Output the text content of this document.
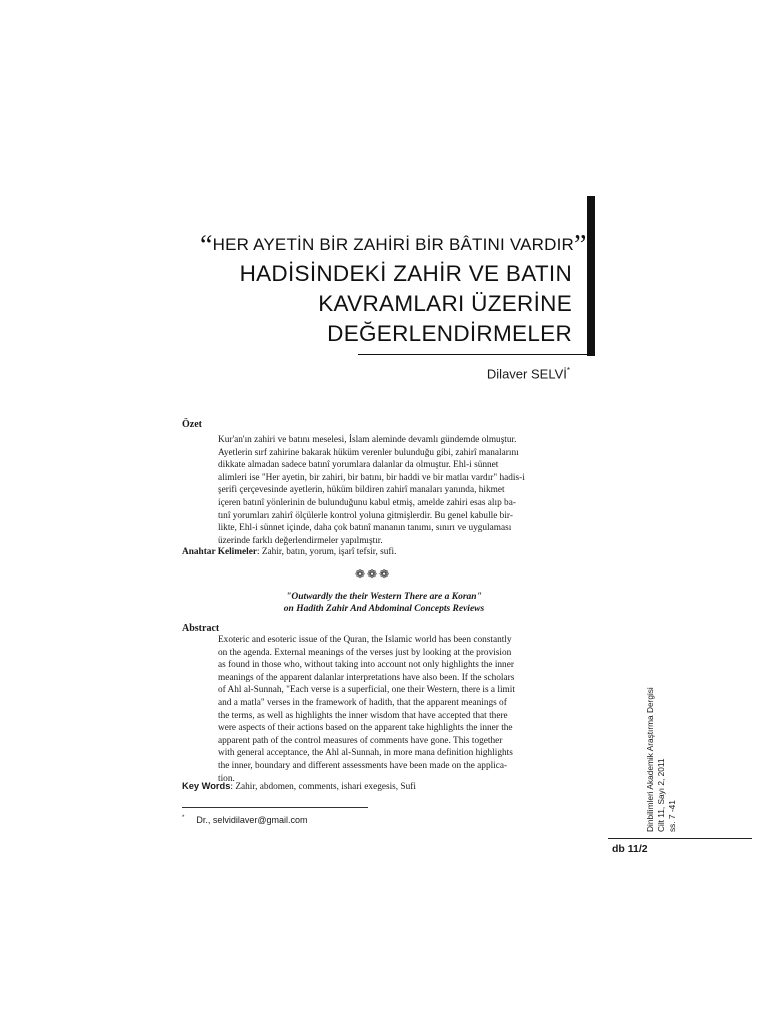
“HER AYETİN BİR ZAHİRİ BİR BÂTINI VARDIR”
HADİSİNDEKİ ZAHİR VE BATIN
KAVRAMLARI ÜZERİNE
DEĞERLENDİRMELER
Dilaver SELVİ*
Özet
Kur'an'ın zahiri ve batını meselesi, İslam aleminde devamlı gündemde olmuştur.
Ayetlerin sırf zahirine bakarak hüküm verenler bulunduğu gibi, zahirî manalarını
dikkate almadan sadece batınî yorumlara dalanlar da olmuştur. Ehl-i sünnet
alimleri ise "Her ayetin, bir zahiri, bir batını, bir haddi ve bir matlaı vardır" hadis-i
şerifi çerçevesinde ayetlerin, hüküm bildiren zahirî manaları yanında, hikmet
içeren batınî yönlerinin de bulunduğunu kabul etmiş, amelde zahiri esas alıp ba-
tınî yorumları zahirî ölçülerle kontrol yoluna gitmişlerdir. Bu genel kabulle bir-
likte, Ehl-i sünnet içinde, daha çok batınî mananın tanımı, sınırı ve uygulaması
üzerinde farklı değerlendirmeler yapılmıştır.
Anahtar Kelimeler: Zahir, batın, yorum, işarî tefsir, sufi.
❁❁❁
"Outwardly the their Western There are a Koran"
on Hadith Zahir And Abdominal Concepts Reviews
Abstract
Exoteric and esoteric issue of the Quran, the Islamic world has been constantly
on the agenda. External meanings of the verses just by looking at the provision
as found in those who, without taking into account not only highlights the inner
meanings of the apparent dalanlar interpretations have also been. If the scholars
of Ahl al-Sunnah, "Each verse is a superficial, one their Western, there is a limit
and a matla" verses in the framework of hadith, that the apparent meanings of
the terms, as well as highlights the inner wisdom that have accepted that there
were aspects of their actions based on the apparent take highlights the inner the
apparent path of the control measures of comments have gone. This together
with general acceptance, the Ahl al-Sunnah, in more mana definition highlights
the inner, boundary and different assessments have been made on the applica-
tion.
Key Words: Zahir, abdomen, comments, ishari exegesis, Sufi
* Dr., selvidilaver@gmail.com	Dinbilimleri Akademik Araştırma Dergisi Cilt 11, Sayı 2, 2011 ss. 7 -41
db 11/2
